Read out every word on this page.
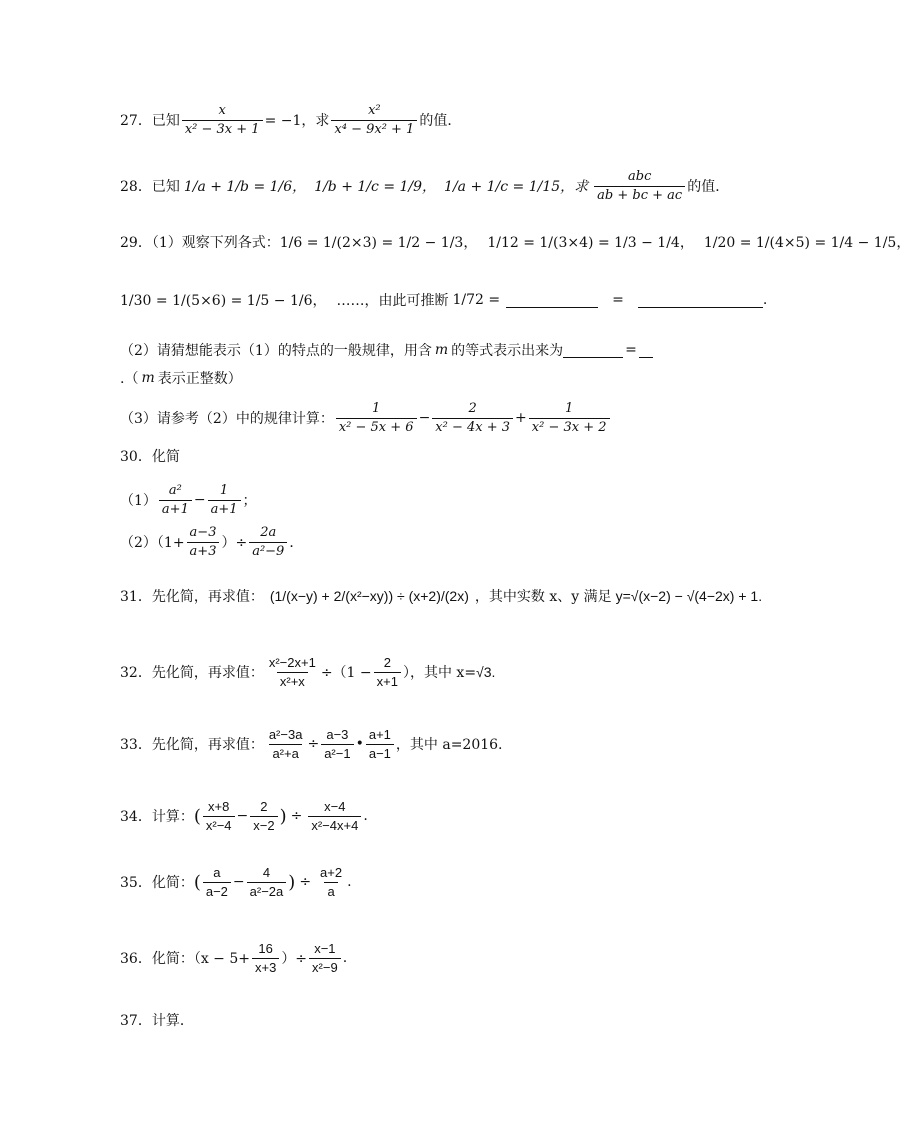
27．已知 $\frac{x}{\text{x² − 3x + 1}} = -1$，求 $\frac{\text{x²}}{\text{x⁴ − 9x² + 1}}$ 的值．
28．已知 1/a + 1/b = 1/6， 1/b + 1/c = 1/9， 1/a + 1/c = 1/15，求 $\frac{\text{abc}}{ab + bc + ac}$ 的值．
29．（1）观察下列各式： 1/6 = 1/(2×3) = 1/2 − 1/3， 1/12 = 1/(3×4) = 1/3 − 1/4， 1/20 = 1/(4×5) = 1/4 − 1/5，
1/30 = 1/(5×6) = 1/5 − 1/6， ……，由此可推断 1/72 =	=	.
（2）请猜想能表示（1）的特点的一般规律，用含 m 的等式表示出来为	=
.（ m 表示正整数）
（3）请参考（2）中的规律计算： $\frac{1}{\text{x² − 5x + 6}} - \frac{2}{\text{x² − 4x + 3}} + \frac{1}{\text{x² − 3x + 2}}$
30．化简
$(1) \frac{\text{a²}}{a+1} - \frac{1}{a+1}$ ；
$(2)(1+ \frac{a-3}{a+3}$ ）÷ $\frac{2a}{\text{a²−9}}$ ．
31．先化简，再求值： (1/(x−y) + 2/(x²−xy)) ÷ (x+2)/(2x) ，其中实数 x、y 满足 y=√(x−2) − √(4−2x) + 1.
32．先化简，再求值： $\frac{\text{x²−2x+1}}{\text{x²+x}} \div(1 - \frac{2}{x+1}$ ），其中 x= √3.
33．先化简，再求值： $\frac{\text{a²−3a}}{\text{a²+a}} \div \frac{a-3}{\text{a²−1}}$ • $\frac{a+1}{a-1}$ ，其中 a=2016.
34．计算： ( $\frac{x+8}{\text{x²−4}} - \frac{2}{x-2}$ ) ÷ $\frac{x-4}{\text{x²−4x+4}}$ .
35．化简： ( $\frac{a}{a-2} - \frac{4}{\text{a²−2a}}$ ) ÷ $\frac{a+2}{a}$ .
36．化简：（$x - 5+ \frac{16}{x+3}$ ）÷ $\frac{x-1}{\text{x²−9}}$ .
37．计算．
